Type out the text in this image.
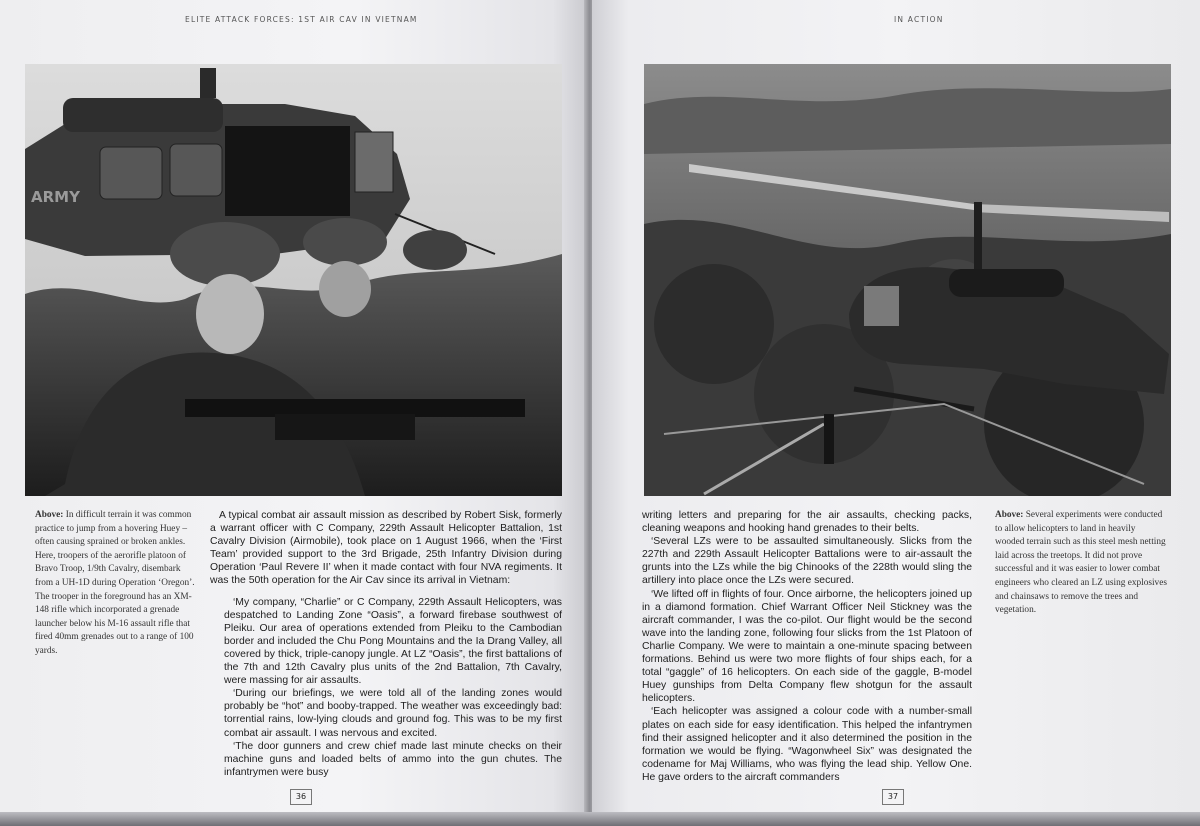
ELITE ATTACK FORCES: 1ST AIR CAV IN VIETNAM
ARMY
Above: In difficult terrain it was common practice to jump from a hovering Huey – often causing sprained or broken ankles. Here, troopers of the aerorifle platoon of Bravo Troop, 1/9th Cavalry, disembark from a UH-1D during Operation ‘Oregon’. The trooper in the foreground has an XM-148 rifle which incorporated a grenade launcher below his M-16 assault rifle that fired 40mm grenades out to a range of 100 yards.

A typical combat air assault mission as described by Robert Sisk, formerly a warrant officer with C Company, 229th Assault Helicopter Battalion, 1st Cavalry Division (Airmobile), took place on 1 August 1966, when the ‘First Team’ provided support to the 3rd Brigade, 25th Infantry Division during Operation ‘Paul Revere II’ when it made contact with four NVA regiments. It was the 50th operation for the Air Cav since its arrival in Vietnam:

‘My company, “Charlie” or C Company, 229th Assault Helicopters, was despatched to Landing Zone “Oasis”, a forward firebase southwest of Pleiku. Our area of operations extended from Pleiku to the Cambodian border and included the Chu Pong Mountains and the Ia Drang Valley, all covered by thick, triple-canopy jungle. At LZ “Oasis”, the first battalions of the 7th and 12th Cavalry plus units of the 2nd Battalion, 7th Cavalry, were massing for air assaults.

‘During our briefings, we were told all of the landing zones would probably be “hot” and booby-trapped. The weather was exceedingly bad: torrential rains, low-lying clouds and ground fog. This was to be my first combat air assault. I was nervous and excited.

‘The door gunners and crew chief made last minute checks on their machine guns and loaded belts of ammo into the gun chutes. The infantrymen were busy

36
IN ACTION

writing letters and preparing for the air assaults, checking packs, cleaning weapons and hooking hand grenades to their belts.

‘Several LZs were to be assaulted simultaneously. Slicks from the 227th and 229th Assault Helicopter Battalions were to air-assault the grunts into the LZs while the big Chinooks of the 228th would sling the artillery into place once the LZs were secured.

‘We lifted off in flights of four. Once airborne, the helicopters joined up in a diamond formation. Chief Warrant Officer Neil Stickney was the aircraft commander, I was the co-pilot. Our flight would be the second wave into the landing zone, following four slicks from the 1st Platoon of Charlie Company. We were to maintain a one-minute spacing between formations. Behind us were two more flights of four ships each, for a total “gaggle” of 16 helicopters. On each side of the gaggle, B-model Huey gunships from Delta Company flew shotgun for the assault helicopters.

‘Each helicopter was assigned a colour code with a number-small plates on each side for easy identification. This helped the infantrymen find their assigned helicopter and it also determined the position in the formation we would be flying. “Wagonwheel Six” was designated the codename for Maj Williams, who was flying the lead ship. Yellow One. He gave orders to the aircraft commanders

Above: Several experiments were conducted to allow helicopters to land in heavily wooded terrain such as this steel mesh netting laid across the treetops. It did not prove successful and it was easier to lower combat engineers who cleared an LZ using explosives and chainsaws to remove the trees and vegetation.
37
